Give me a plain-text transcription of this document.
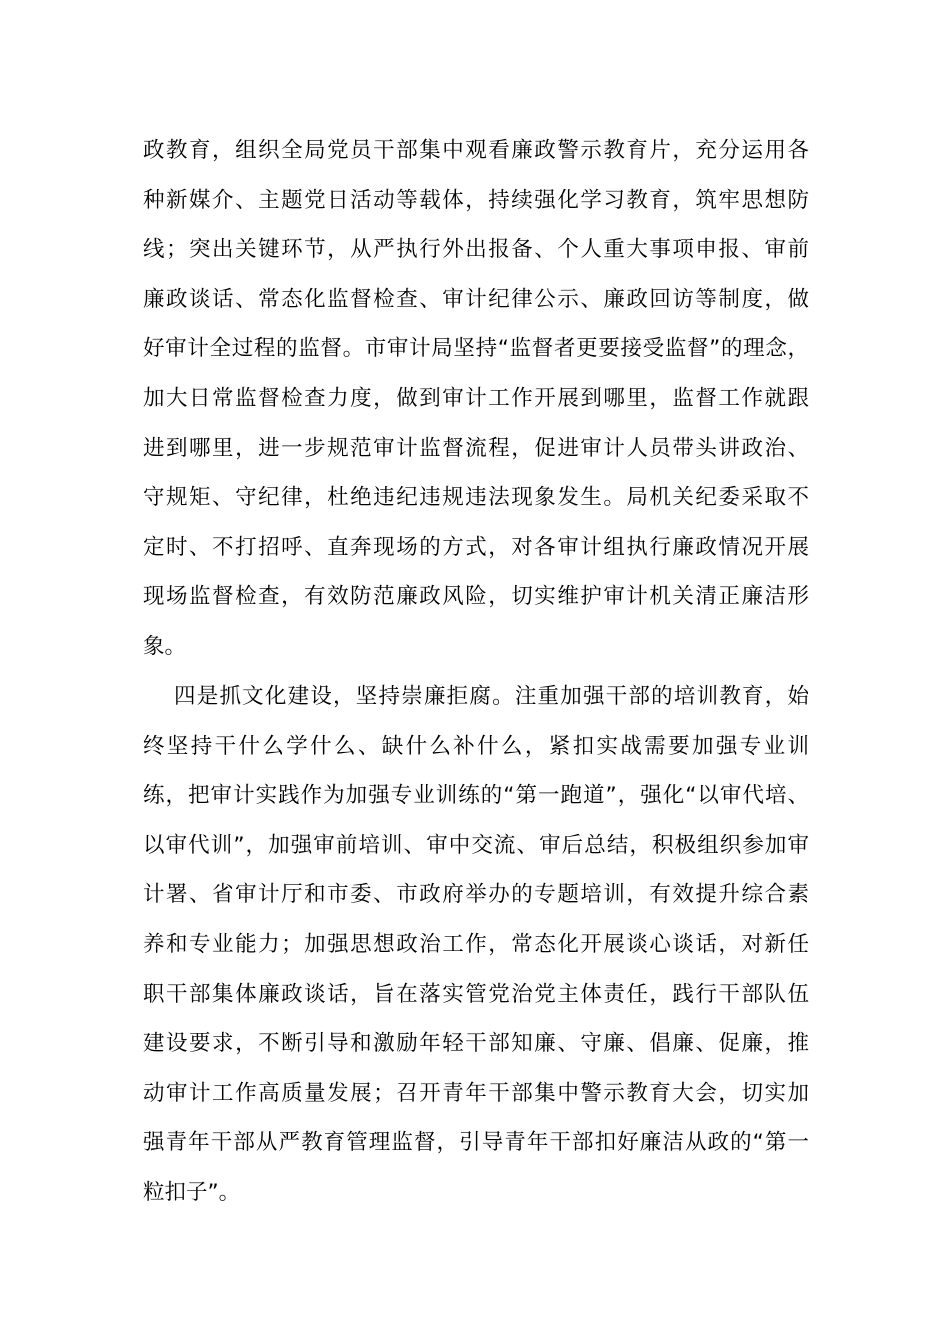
政教育，组织全局党员干部集中观看廉政警示教育片，充分运用各
种新媒介、主题党日活动等载体，持续强化学习教育，筑牢思想防
线；突出关键环节，从严执行外出报备、个人重大事项申报、审前
廉政谈话、常态化监督检查、审计纪律公示、廉政回访等制度，做
好审计全过程的监督。市审计局坚持“监督者更要接受监督”的理念，
加大日常监督检查力度，做到审计工作开展到哪里，监督工作就跟
进到哪里，进一步规范审计监督流程，促进审计人员带头讲政治、
守规矩、守纪律，杜绝违纪违规违法现象发生。局机关纪委采取不
定时、不打招呼、直奔现场的方式，对各审计组执行廉政情况开展
现场监督检查，有效防范廉政风险，切实维护审计机关清正廉洁形
象。
四是抓文化建设，坚持崇廉拒腐。注重加强干部的培训教育，始
终坚持干什么学什么、缺什么补什么，紧扣实战需要加强专业训
练，把审计实践作为加强专业训练的“第一跑道”，强化“以审代培、
以审代训”，加强审前培训、审中交流、审后总结，积极组织参加审
计署、省审计厅和市委、市政府举办的专题培训，有效提升综合素
养和专业能力；加强思想政治工作，常态化开展谈心谈话，对新任
职干部集体廉政谈话，旨在落实管党治党主体责任，践行干部队伍
建设要求，不断引导和激励年轻干部知廉、守廉、倡廉、促廉，推
动审计工作高质量发展；召开青年干部集中警示教育大会，切实加
强青年干部从严教育管理监督，引导青年干部扣好廉洁从政的“第一
粒扣子”。
